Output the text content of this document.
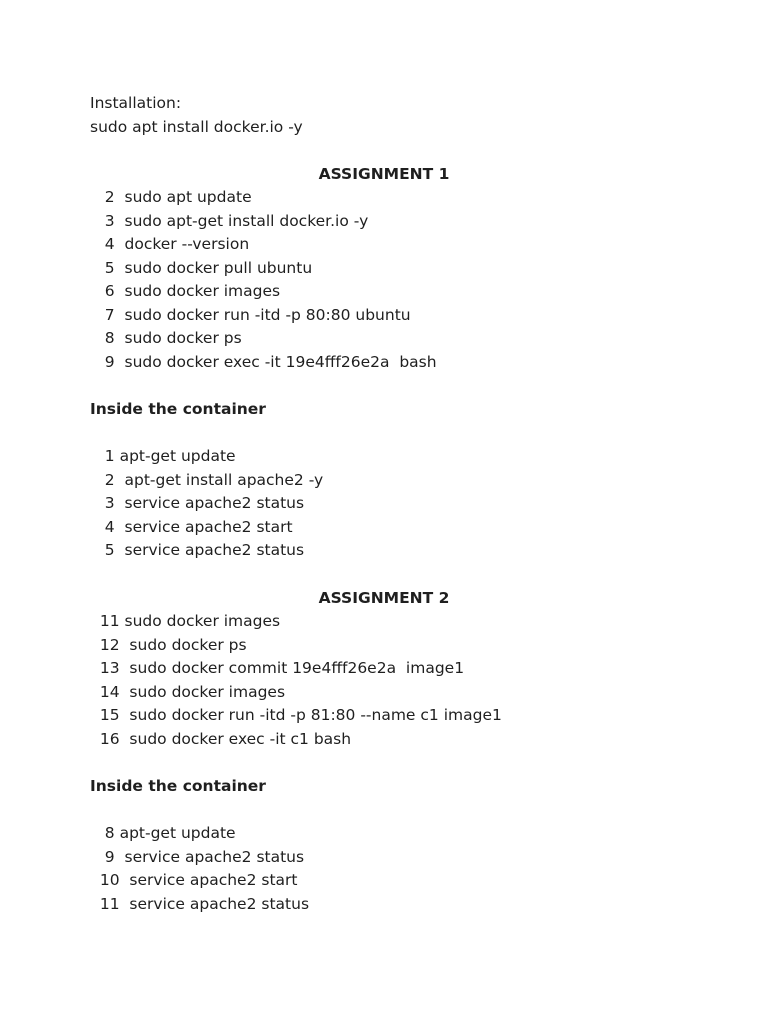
Installation:
sudo apt install docker.io -y
ASSIGNMENT 1
2  sudo apt update
3  sudo apt-get install docker.io -y
4  docker --version
5  sudo docker pull ubuntu
6  sudo docker images
7  sudo docker run -itd -p 80:80 ubuntu
8  sudo docker ps
9  sudo docker exec -it 19e4fff26e2a  bash
Inside the container
1 apt-get update
2  apt-get install apache2 -y
3  service apache2 status
4  service apache2 start
5  service apache2 status
ASSIGNMENT 2
11 sudo docker images
12  sudo docker ps
13  sudo docker commit 19e4fff26e2a  image1
14  sudo docker images
15  sudo docker run -itd -p 81:80 --name c1 image1
16  sudo docker exec -it c1 bash
Inside the container
8 apt-get update
9  service apache2 status
10  service apache2 start
11  service apache2 status
